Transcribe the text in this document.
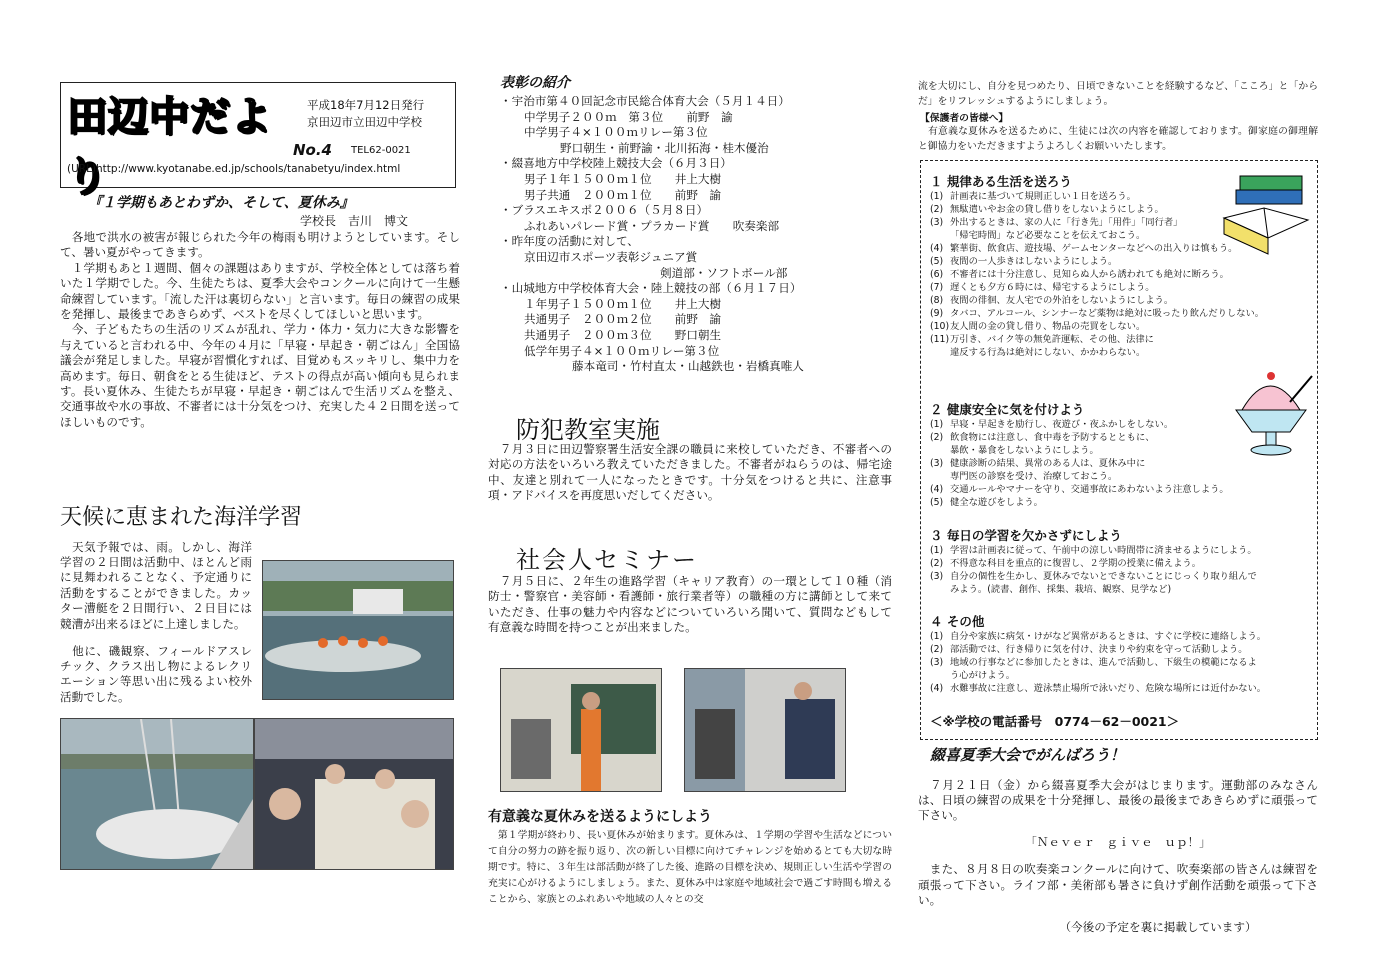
田辺中だより
平成18年7月12日発行
京田辺市立田辺中学校
No.4 TEL62-0021
(URL)http://www.kyotanabe.ed.jp/schools/tanabetyu/index.html
『１学期もあとわずか、そして、夏休み』
学校長　吉川　博文

　各地で洪水の被害が報じられた今年の梅雨も明けようとしています。そして、暑い夏がやってきます。

　１学期もあと１週間、個々の課題はありますが、学校全体としては落ち着いた１学期でした。今、生徒たちは、夏季大会やコンクールに向けて一生懸命練習しています。「流した汗は裏切らない」と言います。毎日の練習の成果を発揮し、最後まであきらめず、ベストを尽くしてほしいと思います。

　今、子どもたちの生活のリズムが乱れ、学力・体力・気力に大きな影響を与えていると言われる中、今年の４月に「早寝・早起き・朝ごはん」全国協議会が発足しました。早寝が習慣化すれば、目覚めもスッキリし、集中力を高めます。毎日、朝食をとる生徒ほど、テストの得点が高い傾向も見られます。長い夏休み、生徒たちが早寝・早起き・朝ごはんで生活リズムを整え、交通事故や水の事故、不審者には十分気をつけ、充実した４２日間を送ってほしいものです。

天候に恵まれた海洋学習

　天気予報では、雨。しかし、海洋学習の２日間は活動中、ほとんど雨に見舞われることなく、予定通りに活動をすることができました。カッター漕艇を２日間行い、２日目には競漕が出来るほどに上達しました。

　他に、磯観察、フィールドアスレチック、クラス出し物によるレクリエーション等思い出に残るよい校外活動でした。

表彰の紹介
・宇治市第４０回記念市民総合体育大会（５月１４日）
中学男子２００ｍ　第３位　　前野　諭
中学男子４×１００ｍリレー第３位
野口朝生・前野諭・北川拓海・桂木優治
・綴喜地方中学校陸上競技大会（６月３日）
男子１年１５００ｍ１位　　井上大樹
男子共通　２００ｍ１位　　前野　諭
・ブラスエキスポ２００６（５月８日）
ふれあいパレード賞・プラカード賞　　吹奏楽部
・昨年度の活動に対して、
京田辺市スポーツ表彰ジュニア賞
剣道部・ソフトボール部
・山城地方中学校体育大会・陸上競技の部（６月１７日）
１年男子１５００ｍ１位　　井上大樹
共通男子　２００ｍ２位　　前野　諭
共通男子　２００ｍ３位　　野口朝生
低学年男子４×１００ｍリレー第３位
藤本竜司・竹村直太・山越鉄也・岩橋真唯人
防犯教室実施
　７月３日に田辺警察署生活安全課の職員に来校していただき、不審者への対応の方法をいろいろ教えていただきました。不審者がねらうのは、帰宅途中、友達と別れて一人になったときです。十分気をつけると共に、注意事項・アドバイスを再度思いだしてください。
社会人セミナー
　７月５日に、２年生の進路学習（キャリア教育）の一環として１０種（消防士・警察官・美容師・看護師・旅行業者等）の職種の方に講師として来ていただき、仕事の魅力や内容などについていろいろ聞いて、質問などもして有意義な時間を持つことが出来ました。
有意義な夏休みを送るようにしよう
　第１学期が終わり、長い夏休みが始まります。夏休みは、１学期の学習や生活などについて自分の努力の跡を振り返り、次の新しい目標に向けてチャレンジを始めるとても大切な時期です。特に、３年生は部活動が終了した後、進路の目標を決め、規則正しい生活や学習の充実に心がけるようにしましょう。また、夏休み中は家庭や地域社会で過ごす時間も増えることから、家族とのふれあいや地域の人々との交
流を大切にし、自分を見つめたり、日頃できないことを経験するなど、「こころ」と「からだ」をリフレッシュするようにしましょう。
【保護者の皆様へ】
　有意義な夏休みを送るために、生徒には次の内容を確認しております。御家庭の御理解と御協力をいただきますようよろしくお願いいたします。
１ 規律ある生活を送ろう
(1) 計画表に基づいて規則正しい１日を送ろう。
(2) 無駄遣いやお金の貸し借りをしないようにしよう。
(3) 外出するときは、家の人に「行き先」「用件」「同行者」
「帰宅時間」など必要なことを伝えておこう。
(4) 繁華街、飲食店、遊技場、ゲームセンターなどへの出入りは慎もう。
(5) 夜間の一人歩きはしないようにしよう。
(6) 不審者には十分注意し、見知らぬ人から誘われても絶対に断ろう。
(7) 遅くとも夕方６時には、帰宅するようにしよう。
(8) 夜間の徘徊、友人宅での外泊をしないようにしよう。
(9) タバコ、アルコール、シンナーなど薬物は絶対に吸ったり飲んだりしない。
(10)友人間の金の貸し借り、物品の売買をしない。
(11)万引き、バイク等の無免許運転、その他、法律に
違反する行為は絶対にしない、かかわらない。
２ 健康安全に気を付けよう
(1) 早寝・早起きを励行し、夜遊び・夜ふかしをしない。
(2) 飲食物には注意し、食中毒を予防するとともに、
暴飲・暴食をしないようにしよう。
(3) 健康診断の結果、異常のある人は、夏休み中に
専門医の診察を受け、治療しておこう。
(4) 交通ルールやマナーを守り、交通事故にあわないよう注意しよう。
(5) 健全な遊びをしよう。
３ 毎日の学習を欠かさずにしよう
(1) 学習は計画表に従って、午前中の涼しい時間帯に済ませるようにしよう。
(2) 不得意な科目を重点的に復習し、２学期の授業に備えよう。
(3) 自分の個性を生かし、夏休みでないとできないことにじっくり取り組んで
みよう。(読書、創作、採集、栽培、観察、見学など)
４ その他
(1) 自分や家族に病気・けがなど異常があるときは、すぐに学校に連絡しよう。
(2) 部活動では、行き帰りに気を付け、決まりや約束を守って活動しよう。
(3) 地域の行事などに参加したときは、進んで活動し、下級生の模範になるよ
う心がけよう。
(4) 水難事故に注意し、遊泳禁止場所で泳いだり、危険な場所には近付かない。
＜※学校の電話番号　0774－62－0021＞
綴喜夏季大会でがんばろう！

　７月２１日（金）から綴喜夏季大会がはじまります。運動部のみなさんは、日頃の練習の成果を十分発揮し、最後の最後まであきらめずに頑張って下さい。

「Ｎｅｖｅｒ　ｇｉｖｅ　ｕｐ！」

　また、８月８日の吹奏楽コンクールに向けて、吹奏楽部の皆さんは練習を頑張って下さい。ライフ部・美術部も暑さに負けず創作活動を頑張って下さい。

（今後の予定を裏に掲載しています）
